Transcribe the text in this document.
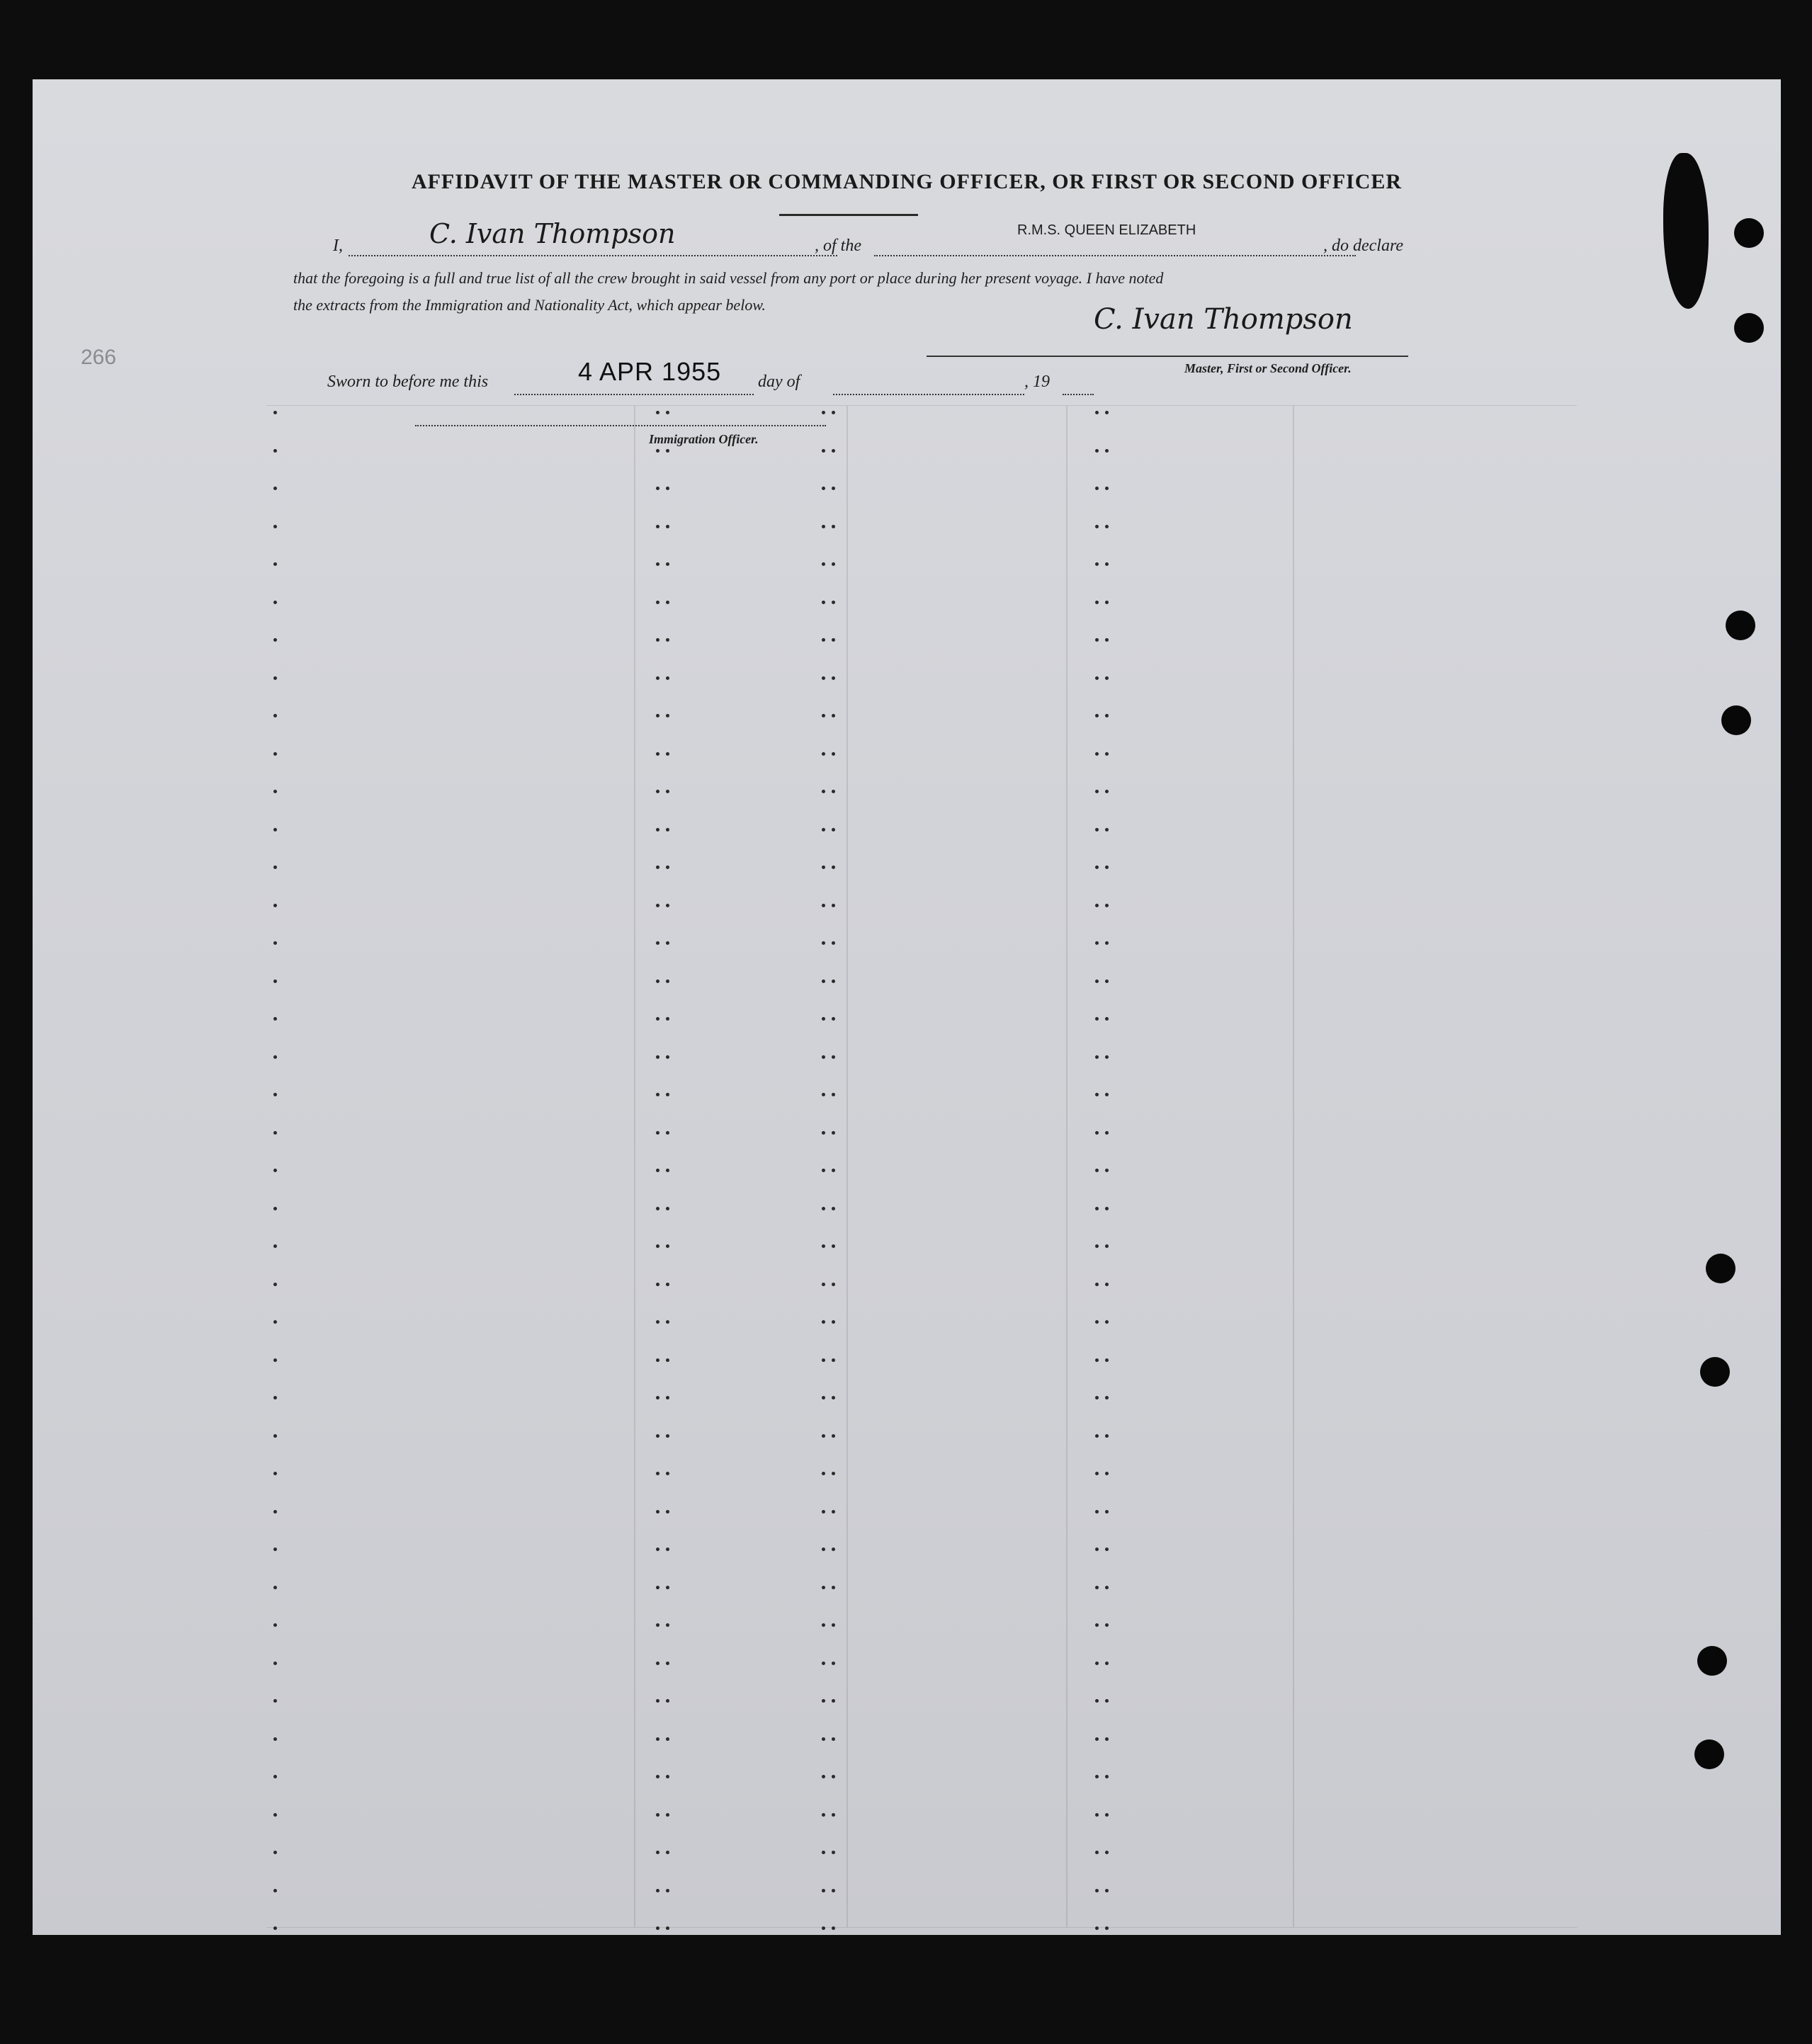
AFFIDAVIT OF THE MASTER OR COMMANDING OFFICER, OR FIRST OR SECOND OFFICER
I,	C. Ivan Thompson	, of the
R.M.S. QUEEN ELIZABETH
, do declare
that the foregoing is a full and true list of all the crew brought in said vessel from any port or place during her present voyage. I have noted
the extracts from the Immigration and Nationality Act, which appear below.	C. Ivan Thompson
Master, First or Second Officer.
266
Sworn to before me this	4 APR 1955 day of	, 19
Immigration Officer.
